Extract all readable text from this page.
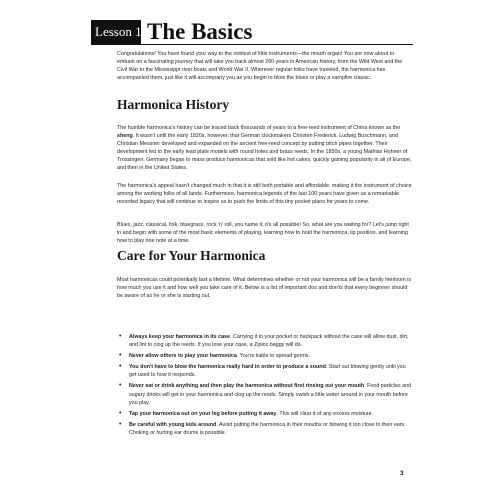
Lesson 1 The Basics

Congratulations! You have found your way to the noblest of little instruments—the mouth organ! You are now about to embark on a fascinating journey that will take you back almost 200 years in American history, from the Wild West and the Civil War to the Mississippi river boats and World War II. Wherever regular folks have traveled, the harmonica has accompanied them, just like it will accompany you as you begin to blow the blues or play a campfire classic.

Harmonica History

The humble harmonica's history can be traced back thousands of years to a free-reed instrument of China known as the sheng. It wasn't until the early 1820s, however, that German clockmakers Christen Frederick, Ludwig Buschmann, and Christian Messner developed and expanded on the ancient free-reed concept by putting pitch pipes together. Their development led to the early lead plate models with round holes and brass reeds. In the 1850s, a young Mathias Hohner of Trossingen, Germany began to mass produce harmonicas that sold like hot cakes, quickly gaining popularity in all of Europe, and then in the United States.

The harmonica's appeal hasn't changed much in that it is still both portable and affordable, making it the instrument of choice among the working folks of all lands. Furthermore, harmonica legends of the last 100 years have given us a remarkable recorded legacy that will continue to inspire us to push the limits of this tiny pocket piano for years to come.

Blues, jazz, classical, folk, bluegrass, rock 'n' roll, you name it, it's all possible! So, what are you waiting for? Let's jump right in and begin with some of the most basic elements of playing, learning how to hold the harmonica, lip position, and learning how to play one note at a time.

Care for Your Harmonica

Most harmonicas could potentially last a lifetime. What determines whether or not your harmonica will be a family heirloom is how much you use it and how well you take care of it. Below is a list of important dos and don'ts that every beginner should be aware of as he or she is starting out.

• Always keep your harmonica in its case. Carrying it in your pocket or backpack without the case will allow dust, dirt, and lint to clog up the reeds. If you lose your case, a Ziploc baggy will do.
• Never allow others to play your harmonica. You're liable to spread germs.
• You don't have to blow the harmonica really hard in order to produce a sound. Start out blowing gently until you get used to how it responds.
• Never eat or drink anything and then play the harmonica without first rinsing out your mouth. Food particles and sugary drinks will get in your harmonica and clog up the reeds. Simply swish a little water around in your mouth before you play.
• Tap your harmonica out on your leg before putting it away. This will clear it of any excess moisture.
• Be careful with young kids around. Avoid putting the harmonica in their mouths or blowing it too close to their ears. Choking or hurting ear drums is possible.
3
